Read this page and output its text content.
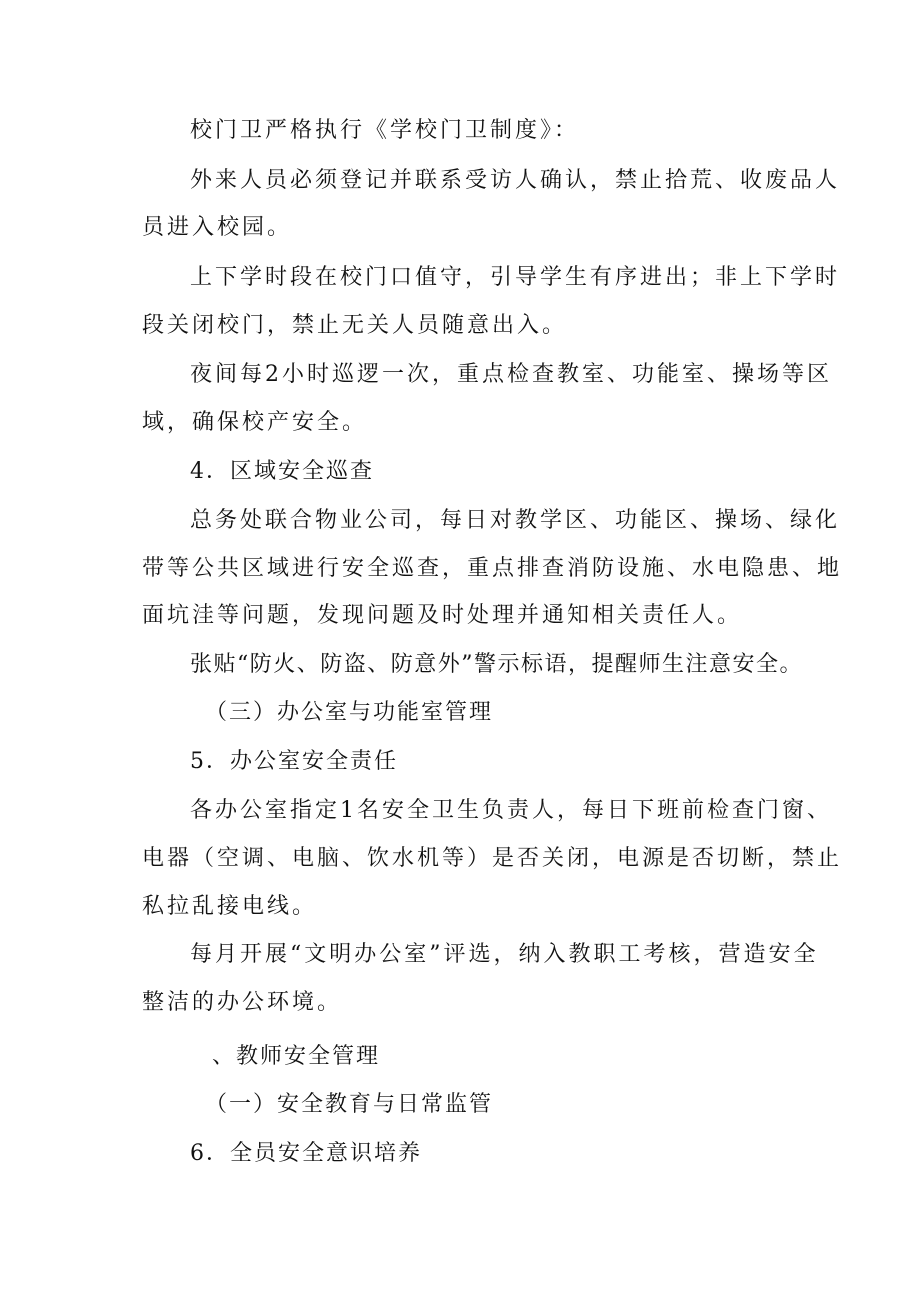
校门卫严格执行《学校门卫制度》：
外来人员必须登记并联系受访人确认，禁止拾荒、收废品人
员进入校园。
上下学时段在校门口值守，引导学生有序进出；非上下学时
段关闭校门，禁止无关人员随意出入。
夜间每2小时巡逻一次，重点检查教室、功能室、操场等区
域，确保校产安全。
4．区域安全巡查
总务处联合物业公司，每日对教学区、功能区、操场、绿化
带等公共区域进行安全巡查，重点排查消防设施、水电隐患、地
面坑洼等问题，发现问题及时处理并通知相关责任人。
张贴“防火、防盗、防意外”警示标语，提醒师生注意安全。
（三）办公室与功能室管理
5．办公室安全责任
各办公室指定1名安全卫生负责人，每日下班前检查门窗、
电器（空调、电脑、饮水机等）是否关闭，电源是否切断，禁止
私拉乱接电线。
每月开展“文明办公室”评选，纳入教职工考核，营造安全
整洁的办公环境。
、教师安全管理
（一）安全教育与日常监管
6．全员安全意识培养
